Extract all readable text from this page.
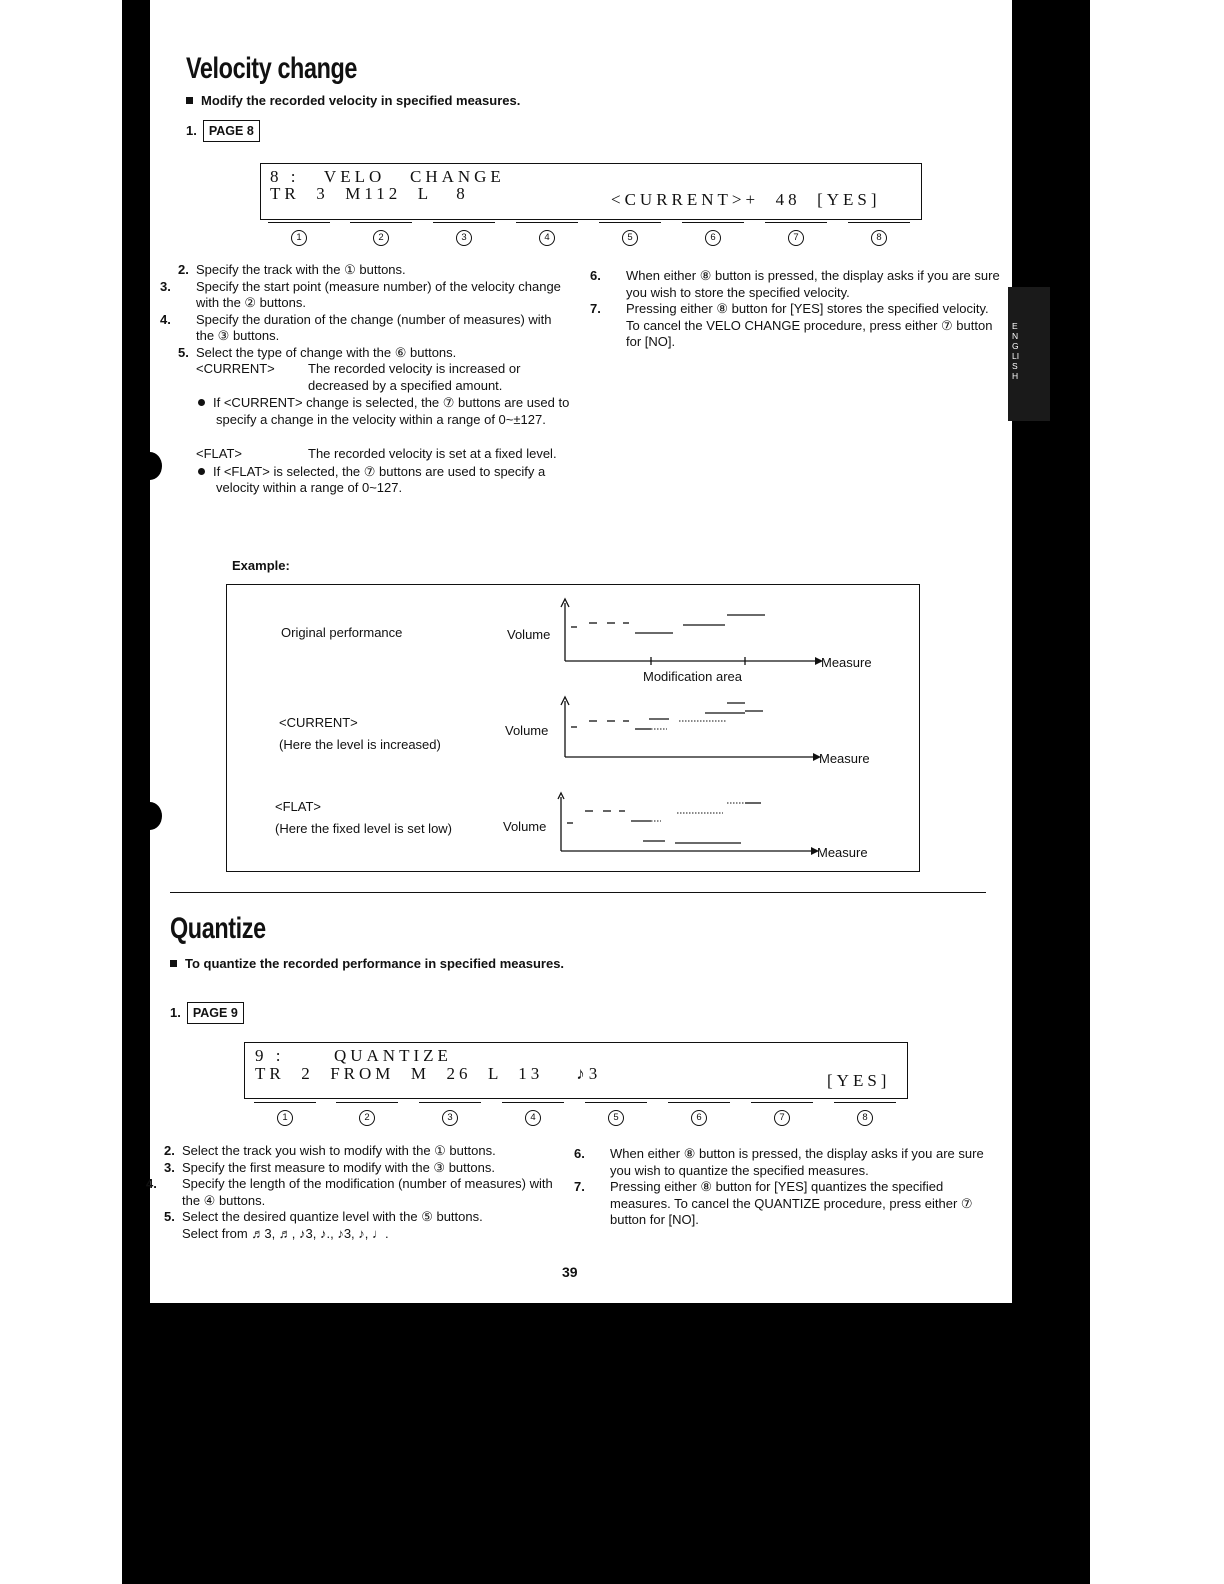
Velocity change
Modify the recorded velocity in specified measures.
1. PAGE 8
8 :   VELO   CHANGE
TR  3  M112  L   8	<CURRENT>+  48  [YES]
1	2	3	4	5	6	7	8

2. Specify the track with the ① buttons.

3. Specify the start point (measure number) of the velocity change with the ② buttons.

4. Specify the duration of the change (number of measures) with the ③ buttons.

5. Select the type of change with the ⑥ buttons.

<CURRENT>	The recorded velocity is increased or decreased by a specified amount.

If <CURRENT> change is selected, the ⑦ buttons are used to specify a change in the velocity within a range of 0~±127.

<FLAT>	The recorded velocity is set at a fixed level.

If <FLAT> is selected, the ⑦ buttons are used to specify a velocity within a range of 0~127.

6. When either ⑧ button is pressed, the display asks if you are sure you wish to store the specified velocity.

7. Pressing either ⑧ button for [YES] stores the specified velocity. To cancel the VELO CHANGE procedure, press either ⑦ button for [NO].

Example:
Original performance	Volume
Measure
Modification area
<CURRENT>
(Here the level is increased)
Volume
Measure
<FLAT>
(Here the fixed level is set low)	Volume
Measure
Quantize
To quantize the recorded performance in specified measures.
1. PAGE 9
9 :      QUANTIZE
TR  2  FROM  M  26  L  13    ♪3	[YES]
1	2	3	4	5	6	7	8

2. Select the track you wish to modify with the ① buttons.

3. Specify the first measure to modify with the ③ buttons.

4. Specify the length of the modification (number of measures) with the ④ buttons.

5. Select the desired quantize level with the ⑤ buttons.

Select from ♬3, ♬, ♪3, ♪., ♪3, ♪, ♩.

6. When either ⑧ button is pressed, the display asks if you are sure you wish to quantize the specified measures.

7. Pressing either ⑧ button for [YES] quantizes the specified measures. To cancel the QUANTIZE procedure, press either ⑦ button for [NO].

39
ENGLISH
